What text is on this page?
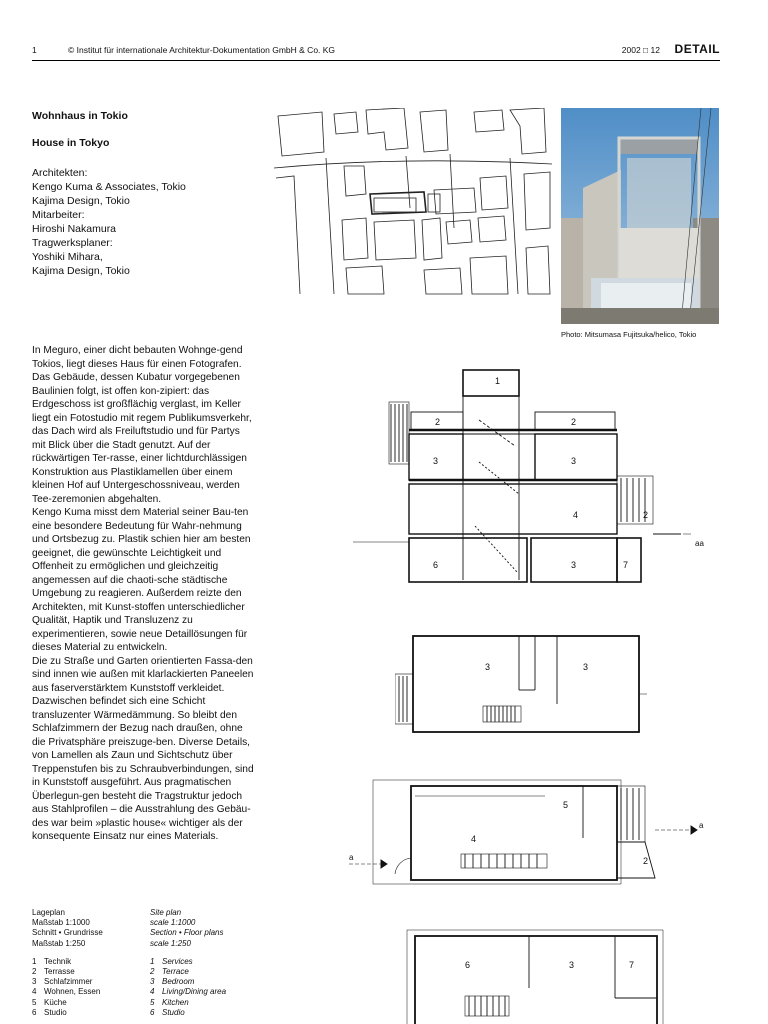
1	© Institut für internationale Architektur-Dokumentation GmbH & Co. KG	2002 □ 12 DETAIL
Wohnhaus in Tokio
House in Tokyo
Architekten:
Kengo Kuma & Associates, Tokio
Kajima Design, Tokio
Mitarbeiter:
Hiroshi Nakamura
Tragwerksplaner:
Yoshiki Mihara,
Kajima Design, Tokio
Photo: Mitsumasa Fujitsuka/helico, Tokio

In Meguro, einer dicht bebauten Wohnge-gend Tokios, liegt dieses Haus für einen Fotografen. Das Gebäude, dessen Kubatur vorgegebenen Baulinien folgt, ist offen kon-zipiert: das Erdgeschoss ist großflächig verglast, im Keller liegt ein Fotostudio mit regem Publikumsverkehr, das Dach wird als Freiluftstudio und für Partys mit Blick über die Stadt genutzt. Auf der rückwärtigen Ter-rasse, einer lichtdurchlässigen Konstruktion aus Plastiklamellen über einem kleinen Hof auf Untergeschossniveau, werden Tee-zeremonien abgehalten.

Kengo Kuma misst dem Material seiner Bau-ten eine besondere Bedeutung für Wahr-nehmung und Ortsbezug zu. Plastik schien hier am besten geeignet, die gewünschte Leichtigkeit und Offenheit zu ermöglichen und gleichzeitig angemessen auf die chaoti-sche städtische Umgebung zu reagieren. Außerdem reizte den Architekten, mit Kunst-stoffen unterschiedlicher Qualität, Haptik und Transluzenz zu experimentieren, sowie neue Detaillösungen für dieses Material zu entwickeln.

Die zu Straße und Garten orientierten Fassa-den sind innen wie außen mit klarlackierten Paneelen aus faserverstärktem Kunststoff verkleidet. Dazwischen befindet sich eine Schicht transluzenter Wärmedämmung. So bleibt den Schlafzimmern der Bezug nach draußen, ohne die Privatsphäre preiszuge-ben. Diverse Details, von Lamellen als Zaun und Sichtschutz über Treppenstufen bis zu Schraubverbindungen, sind in Kunststoff ausgeführt. Aus pragmatischen Überlegun-gen besteht die Tragstruktur jedoch aus Stahlprofilen – die Ausstrahlung des Gebäu-des war beim »plastic house« wichtiger als der konsequente Einsatz nur eines Materials.

Lageplan	Site plan
Maßstab 1:1000	scale 1:1000
Schnitt • Grundrisse	Section • Floor plans
Maßstab 1:250	scale 1:250

1 Technik	1 Services
2 Terrasse	2 Terrace
3 Schlafzimmer	3 Bedroom
4 Wohnen, Essen	4 Living/Dining area
5 Küche	5 Kitchen
6 Studio	6 Studio
1
2	2
3	3
4	2
6	3	7
aa
3	3
a
a
5
4
2
6	3	7
